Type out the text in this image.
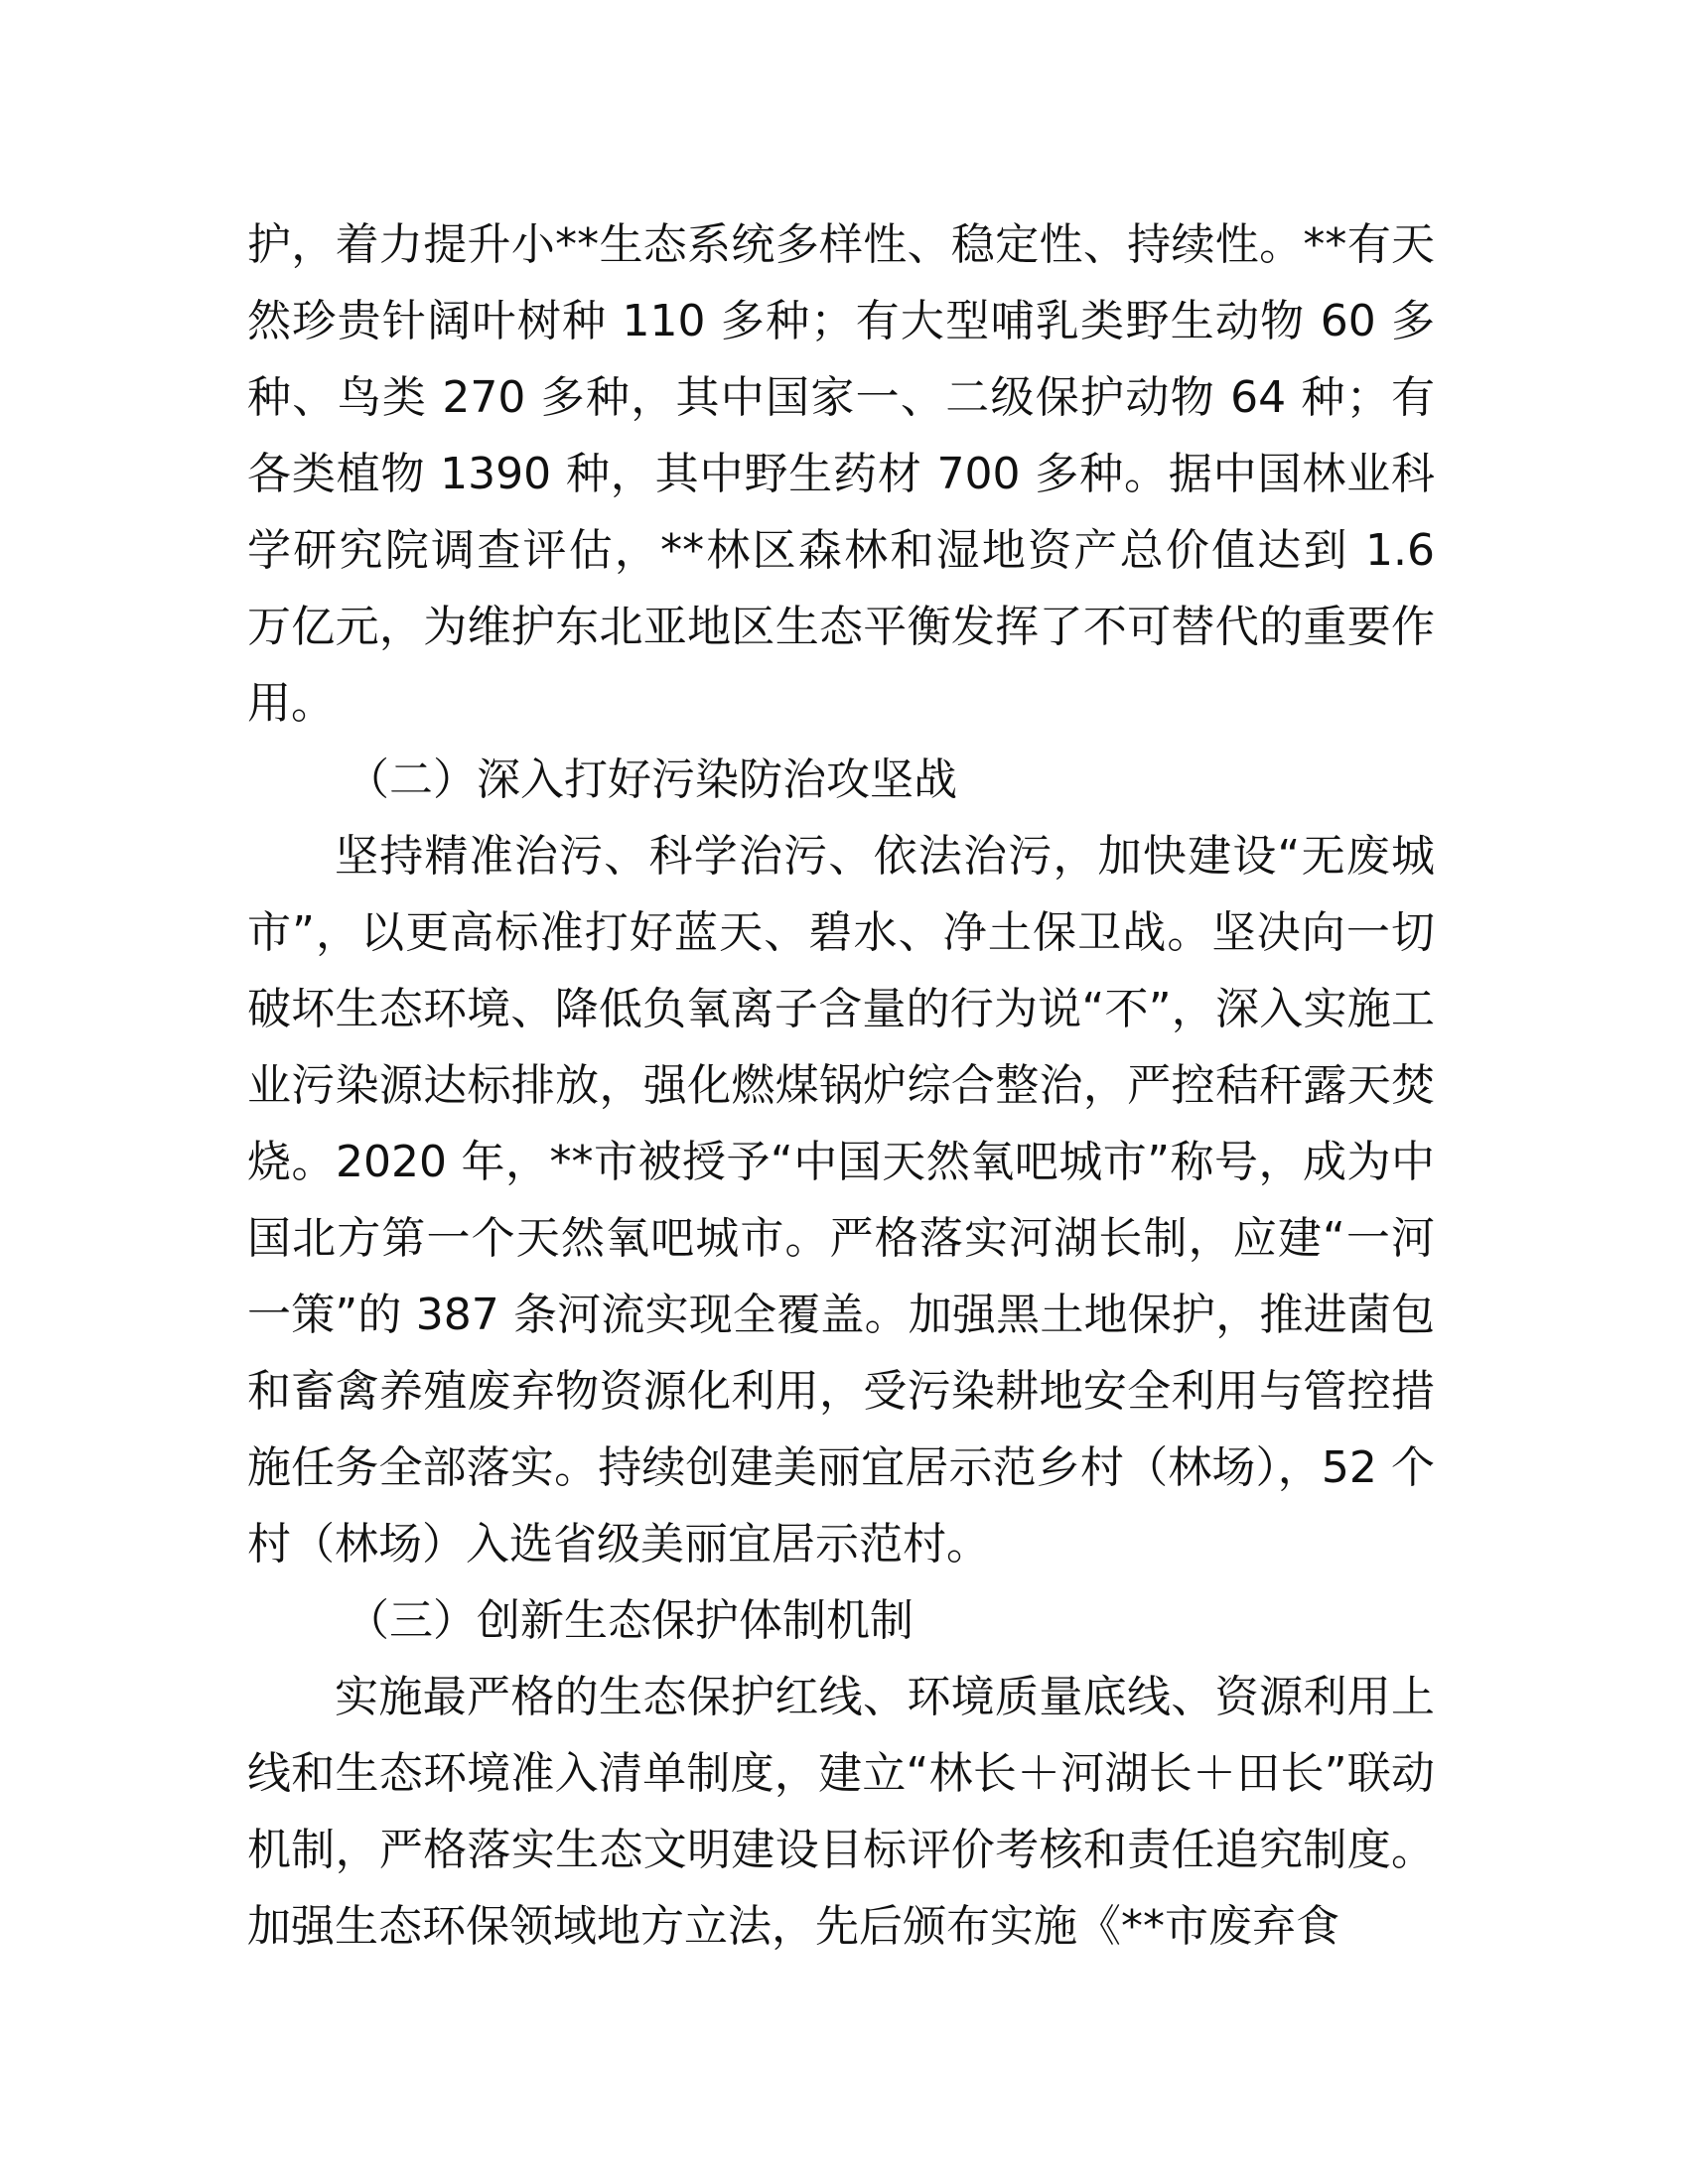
护，着力提升小**生态系统多样性、稳定性、持续性。**有天然珍贵针阔叶树种 110 多种；有大型哺乳类野生动物 60 多种、鸟类 270 多种，其中国家一、二级保护动物 64 种；有各类植物 1390 种，其中野生药材 700 多种。据中国林业科学研究院调查评估，**林区森林和湿地资产总价值达到 1.6 万亿元，为维护东北亚地区生态平衡发挥了不可替代的重要作用。

（二）深入打好污染防治攻坚战

坚持精准治污、科学治污、依法治污，加快建设“无废城市”，以更高标准打好蓝天、碧水、净土保卫战。坚决向一切破坏生态环境、降低负氧离子含量的行为说“不”，深入实施工业污染源达标排放，强化燃煤锅炉综合整治，严控秸秆露天焚烧。2020 年，**市被授予“中国天然氧吧城市”称号，成为中国北方第一个天然氧吧城市。严格落实河湖长制，应建“一河一策”的 387 条河流实现全覆盖。加强黑土地保护，推进菌包和畜禽养殖废弃物资源化利用，受污染耕地安全利用与管控措施任务全部落实。持续创建美丽宜居示范乡村（林场），52 个村（林场）入选省级美丽宜居示范村。

（三）创新生态保护体制机制

实施最严格的生态保护红线、环境质量底线、资源利用上线和生态环境准入清单制度，建立“林长＋河湖长＋田长”联动机制，严格落实生态文明建设目标评价考核和责任追究制度。加强生态环保领域地方立法，先后颁布实施《**市废弃食
